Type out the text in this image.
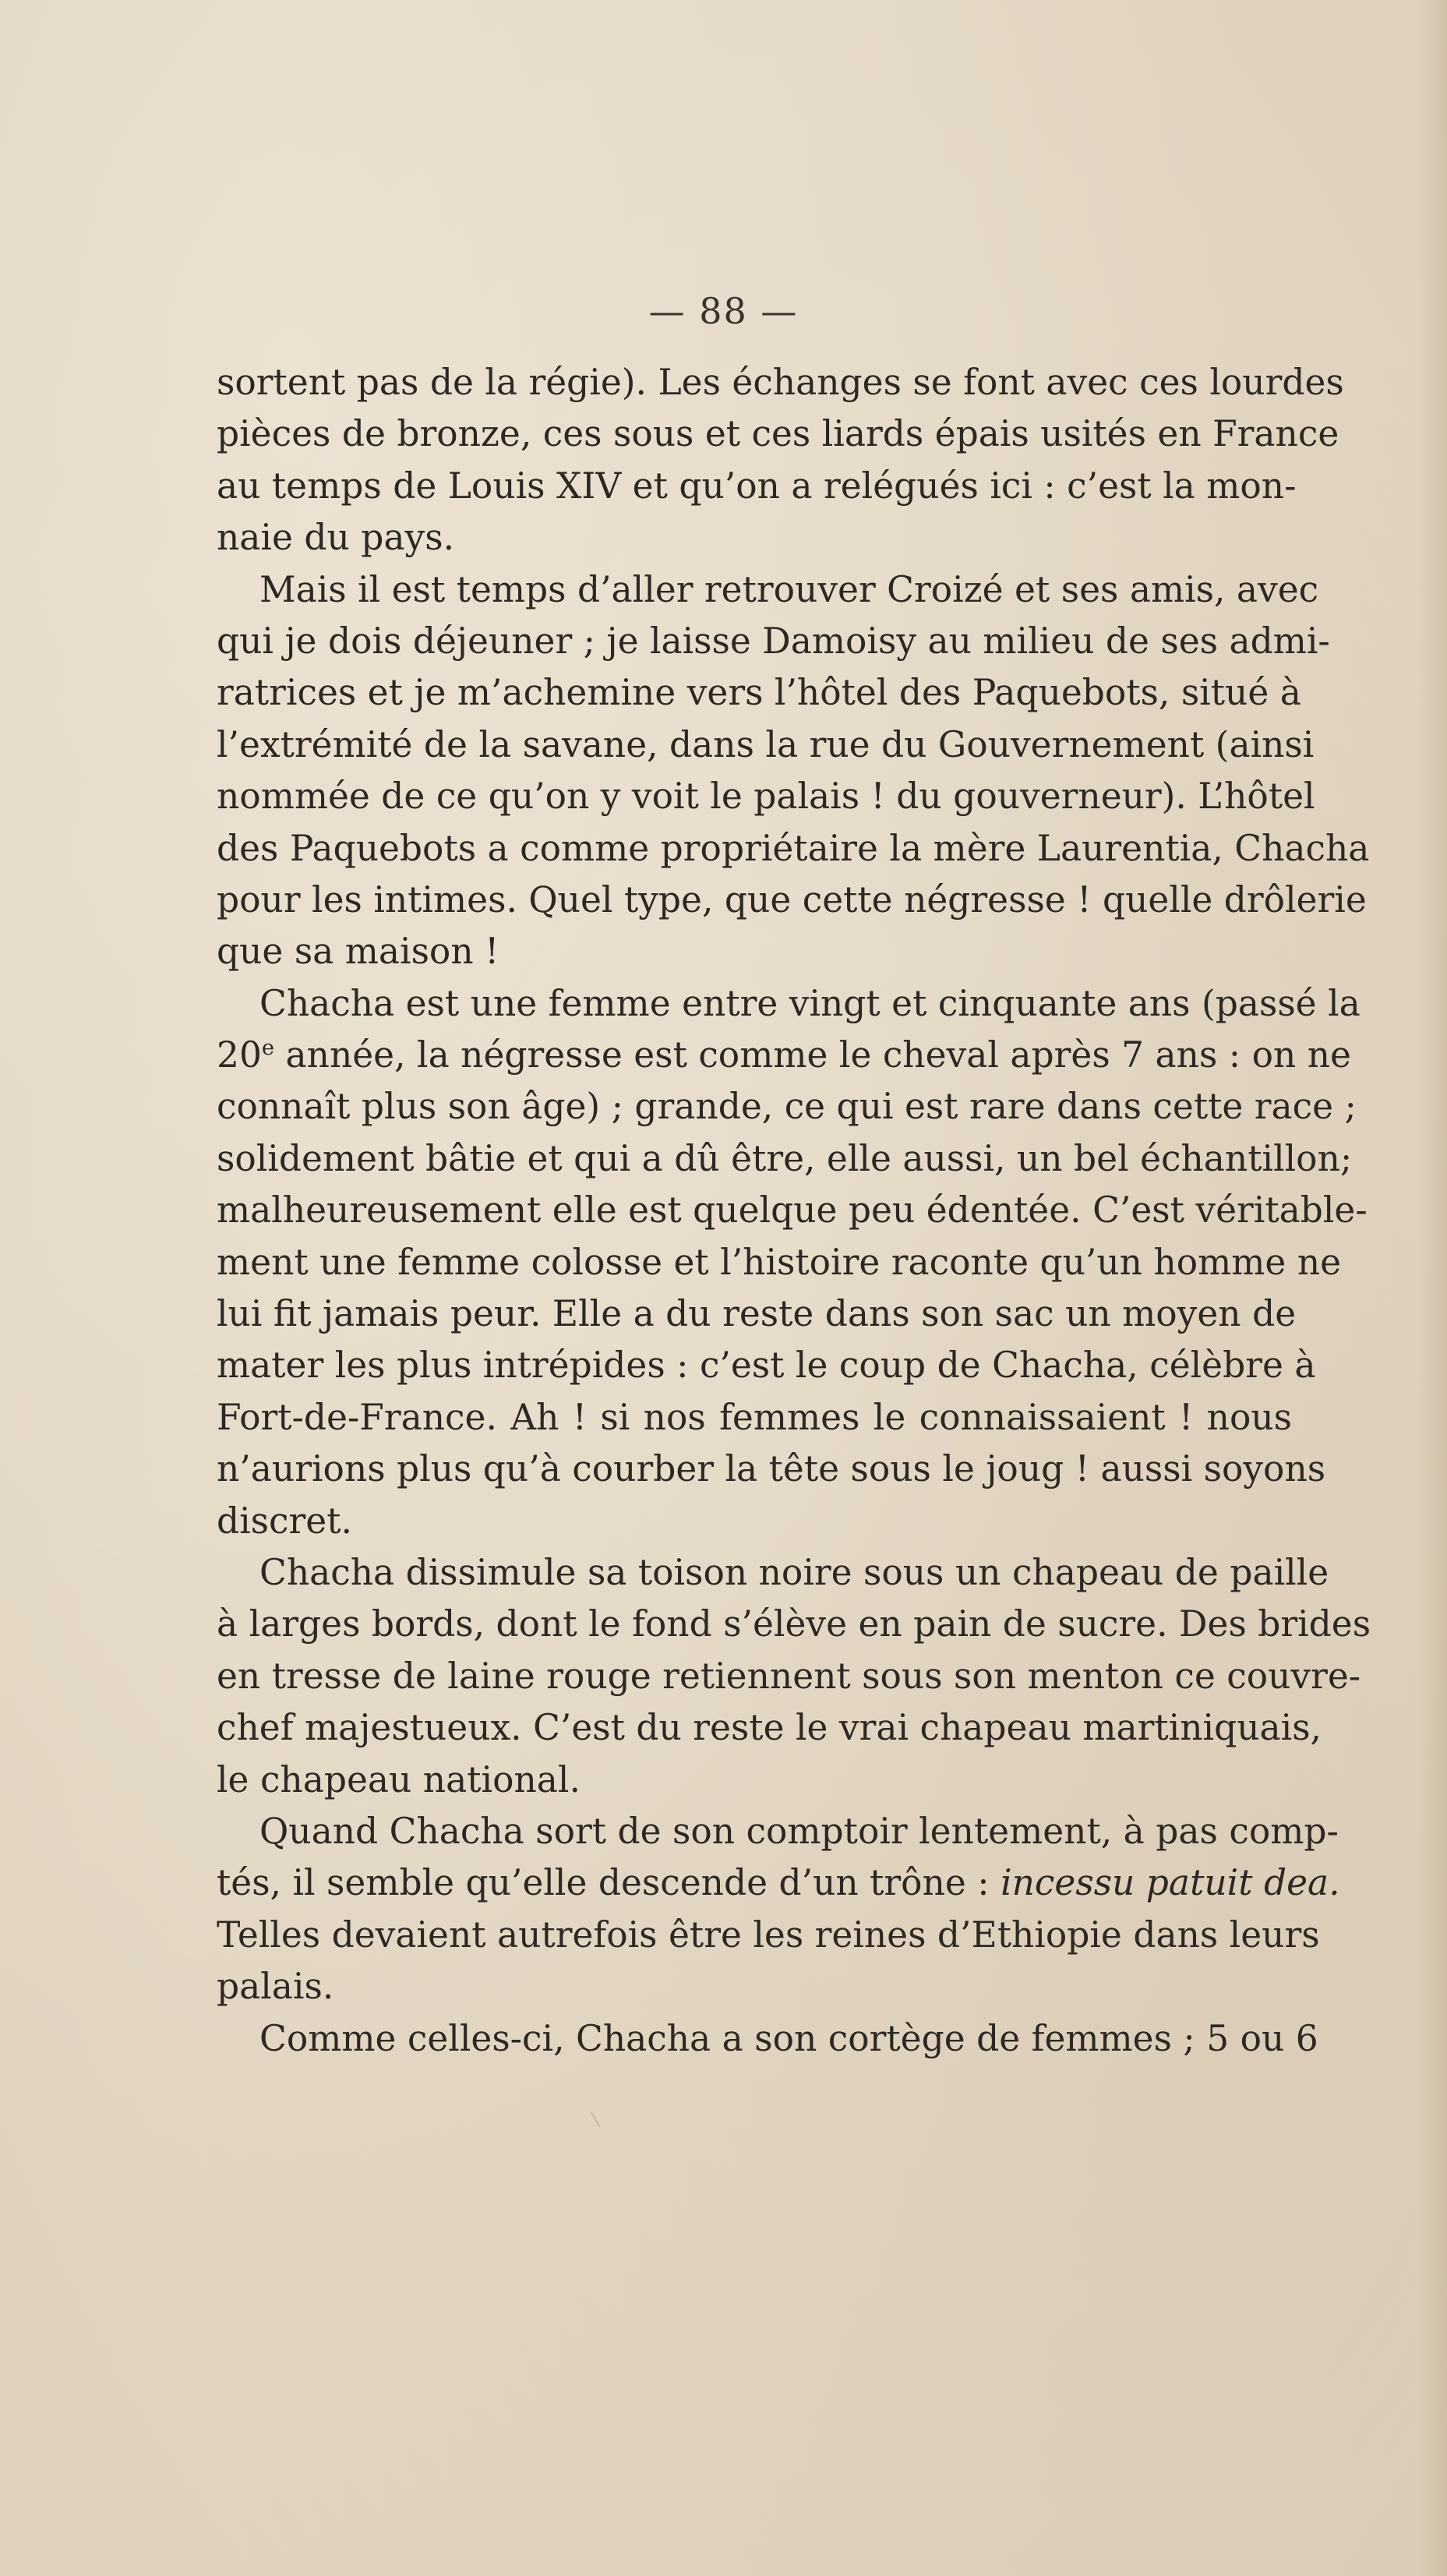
— 88 —
sortent pas de la régie). Les échanges se font avec ces lourdes
pièces de bronze, ces sous et ces liards épais usités en France
au temps de Louis XIV et qu’on a relégués ici : c’est la mon-
naie du pays.
Mais il est temps d’aller retrouver Croizé et ses amis, avec
qui je dois déjeuner ; je laisse Damoisy au milieu de ses admi-
ratrices et je m’achemine vers l’hôtel des Paquebots, situé à
l’extrémité de la savane, dans la rue du Gouvernement (ainsi
nommée de ce qu’on y voit le palais ! du gouverneur). L’hôtel
des Paquebots a comme propriétaire la mère Laurentia, Chacha
pour les intimes. Quel type, que cette négresse ! quelle drôlerie
que sa maison !
Chacha est une femme entre vingt et cinquante ans (passé la
20e année, la négresse est comme le cheval après 7 ans : on ne
connaît plus son âge) ; grande, ce qui est rare dans cette race ;
solidement bâtie et qui a dû être, elle aussi, un bel échantillon;
malheureusement elle est quelque peu édentée. C’est véritable-
ment une femme colosse et l’histoire raconte qu’un homme ne
lui fit jamais peur. Elle a du reste dans son sac un moyen de
mater les plus intrépides : c’est le coup de Chacha, célèbre à
Fort-de-France. Ah ! si nos femmes le connaissaient ! nous
n’aurions plus qu’à courber la tête sous le joug ! aussi soyons
discret.
Chacha dissimule sa toison noire sous un chapeau de paille
à larges bords, dont le fond s’élève en pain de sucre. Des brides
en tresse de laine rouge retiennent sous son menton ce couvre-
chef majestueux. C’est du reste le vrai chapeau martiniquais,
le chapeau national.
Quand Chacha sort de son comptoir lentement, à pas comp-
tés, il semble qu’elle descende d’un trône : incessu patuit dea.
Telles devaient autrefois être les reines d’Ethiopie dans leurs
palais.
Comme celles-ci, Chacha a son cortège de femmes ; 5 ou 6
